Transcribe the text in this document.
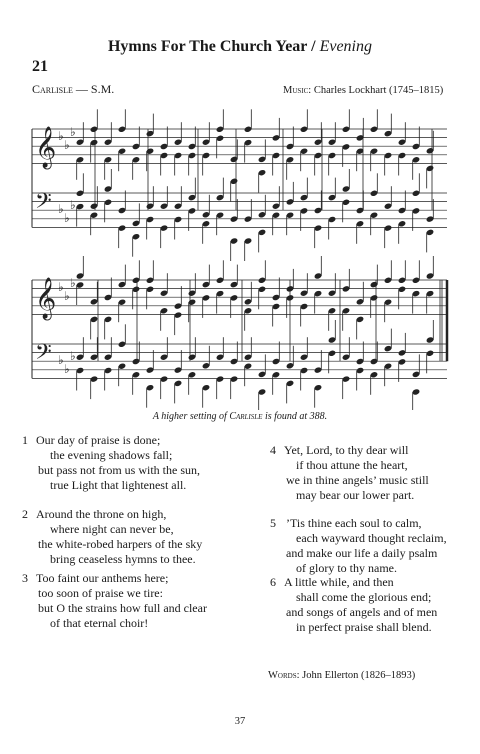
Hymns For The Church Year / Evening
21
Carlisle — S.M.	Music: Charles Lockhart (1745–1815)
𝄞 ♭
♭
♭
𝄢 ♭
♭
♭
𝄞 ♭
♭
♭
𝄢 ♭
♭
♭
A higher setting of Carlisle is found at 388.
1 Our day of praise is done;
the evening shadows fall;
but pass not from us with the sun,
true Light that lightenest all.
2 Around the throne on high,
where night can never be,
the white-robed harpers of the sky
bring ceaseless hymns to thee.
3 Too faint our anthems here;
too soon of praise we tire:
but O the strains how full and clear
of that eternal choir!
4 Yet, Lord, to thy dear will
if thou attune the heart,
we in thine angels’ music still
may bear our lower part.
5 ’Tis thine each soul to calm,
each wayward thought reclaim,
and make our life a daily psalm
of glory to thy name.
6 A little while, and then
shall come the glorious end;
and songs of angels and of men
in perfect praise shall blend.
Words: John Ellerton (1826–1893)
37
